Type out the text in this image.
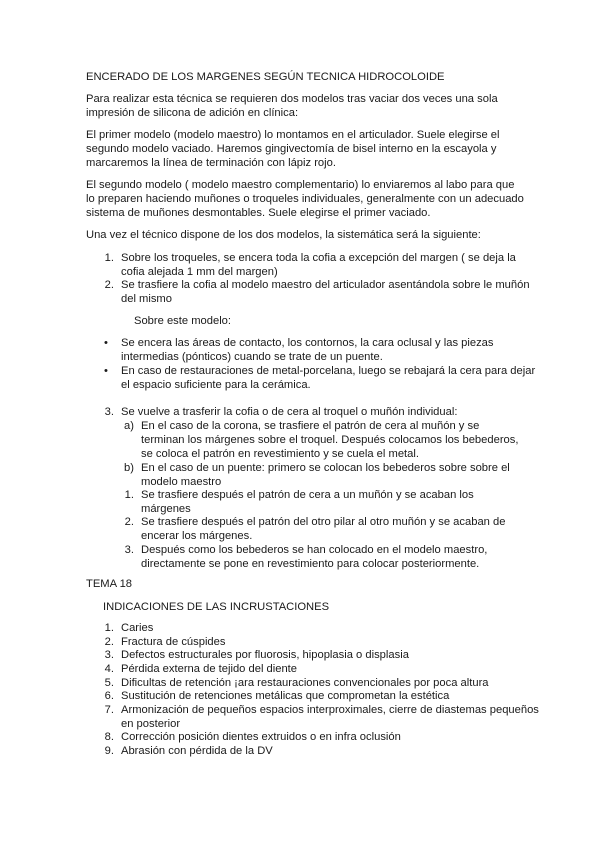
ENCERADO DE LOS MARGENES SEGÚN TECNICA HIDROCOLOIDE

Para realizar esta técnica se requieren dos modelos tras vaciar dos veces una sola impresión de silicona de adición en clínica:

El primer modelo (modelo maestro) lo montamos en el articulador. Suele elegirse el segundo modelo vaciado. Haremos gingivectomía de bisel interno en la escayola y marcaremos la línea de terminación con lápiz rojo.

El segundo modelo ( modelo maestro complementario) lo enviaremos al labo para que lo preparen haciendo muñones o troqueles individuales, generalmente con un adecuado sistema de muñones desmontables. Suele elegirse el primer vaciado.

Una vez el técnico dispone de los dos modelos, la sistemática será la siguiente:

1. Sobre los troqueles, se encera toda la cofia a excepción del margen ( se deja la cofia alejada 1 mm del margen)
2. Se trasfiere la cofia al modelo maestro del articulador asentándola sobre le muñón del mismo

Sobre este modelo:

• Se encera las áreas de contacto, los contornos, la cara oclusal y las piezas intermedias (pónticos) cuando se trate de un puente.
• En caso de restauraciones de metal-porcelana, luego se rebajará la cera para dejar el espacio suficiente para la cerámica.
3. Se vuelve a trasferir la cofia o de cera al troquel o muñón individual:
a) En el caso de la corona, se trasfiere el patrón de cera al muñón y se terminan los márgenes sobre el troquel. Después colocamos los bebederos, se coloca el patrón en revestimiento y se cuela el metal.
b) En el caso de un puente: primero se colocan los bebederos sobre sobre el modelo maestro
1. Se trasfiere después el patrón de cera a un muñón y se acaban los márgenes
2. Se trasfiere después el patrón del otro pilar al otro muñón y se acaban de encerar los márgenes.
3. Después como los bebederos se han colocado en el modelo maestro, directamente se pone en revestimiento para colocar posteriormente.

TEMA 18

INDICACIONES DE LAS INCRUSTACIONES

1. Caries
2. Fractura de cúspides
3. Defectos estructurales por fluorosis, hipoplasia o displasia
4. Pérdida externa de tejido del diente
5. Dificultas de retención ¡ara restauraciones convencionales por poca altura
6. Sustitución de retenciones metálicas que comprometan la estética
7. Armonización de pequeños espacios interproximales, cierre de diastemas pequeños en posterior
8. Corrección posición dientes extruidos o en infra oclusión
9. Abrasión con pérdida de la DV
